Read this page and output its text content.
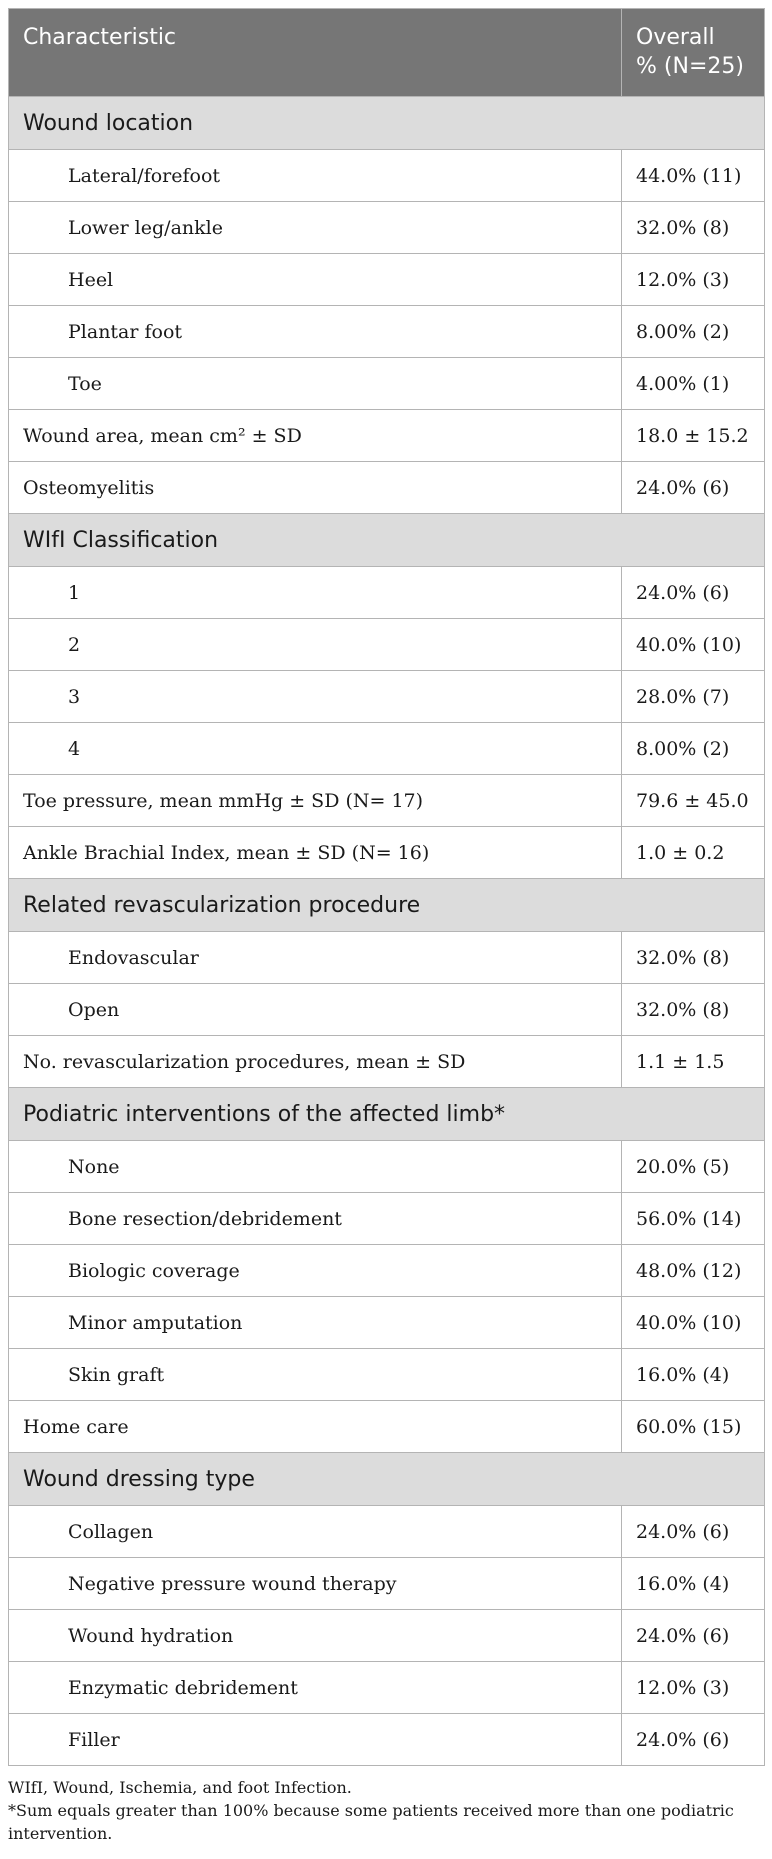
Characteristic	Overall
% (N=25)

Wound location	
Lateral/forefoot	44.0% (11)
Lower leg/ankle	32.0% (8)
Heel	12.0% (3)
Plantar foot	8.00% (2)
Toe	4.00% (1)
Wound area, mean cm² ± SD	18.0 ± 15.2
Osteomyelitis	24.0% (6)
WIfI Classification	
1	24.0% (6)
2	40.0% (10)
3	28.0% (7)
4	8.00% (2)
Toe pressure, mean mmHg ± SD (N= 17)	79.6 ± 45.0
Ankle Brachial Index, mean ± SD (N= 16)	1.0 ± 0.2
Related revascularization procedure	
Endovascular	32.0% (8)
Open	32.0% (8)
No. revascularization procedures, mean ± SD	1.1 ± 1.5
Podiatric interventions of the affected limb*	
None	20.0% (5)
Bone resection/debridement	56.0% (14)
Biologic coverage	48.0% (12)
Minor amputation	40.0% (10)
Skin graft	16.0% (4)
Home care	60.0% (15)
Wound dressing type	
Collagen	24.0% (6)
Negative pressure wound therapy	16.0% (4)
Wound hydration	24.0% (6)
Enzymatic debridement	12.0% (3)
Filler	24.0% (6)

WIfI, Wound, Ischemia, and foot Infection.

*Sum equals greater than 100% because some patients received more than one podiatric intervention.
